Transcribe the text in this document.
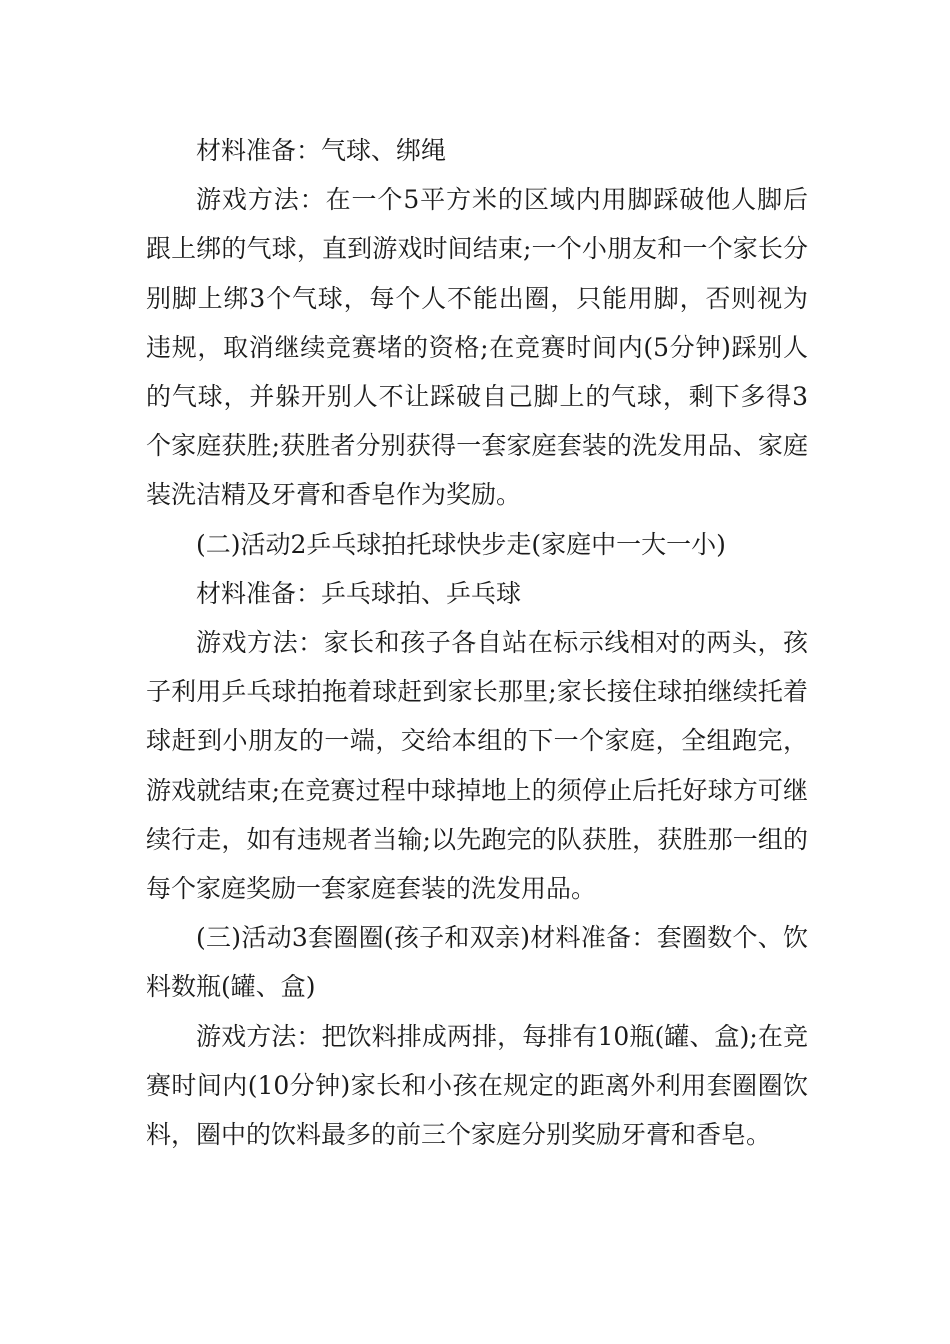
材料准备：气球、绑绳

游戏方法：在一个5平方米的区域内用脚踩破他人脚后跟上绑的气球，直到游戏时间结束;一个小朋友和一个家长分别脚上绑3个气球，每个人不能出圈，只能用脚，否则视为违规，取消继续竞赛堵的资格;在竞赛时间内(5分钟)踩别人的气球，并躲开别人不让踩破自己脚上的气球，剩下多得3个家庭获胜;获胜者分别获得一套家庭套装的洗发用品、家庭装洗洁精及牙膏和香皂作为奖励。

(二)活动2乒乓球拍托球快步走(家庭中一大一小)

材料准备：乒乓球拍、乒乓球

游戏方法：家长和孩子各自站在标示线相对的两头，孩子利用乒乓球拍拖着球赶到家长那里;家长接住球拍继续托着球赶到小朋友的一端，交给本组的下一个家庭，全组跑完，游戏就结束;在竞赛过程中球掉地上的须停止后托好球方可继续行走，如有违规者当输;以先跑完的队获胜，获胜那一组的每个家庭奖励一套家庭套装的洗发用品。

(三)活动3套圈圈(孩子和双亲)材料准备：套圈数个、饮料数瓶(罐、盒)

游戏方法：把饮料排成两排，每排有10瓶(罐、盒);在竞赛时间内(10分钟)家长和小孩在规定的距离外利用套圈圈饮料，圈中的饮料最多的前三个家庭分别奖励牙膏和香皂。
